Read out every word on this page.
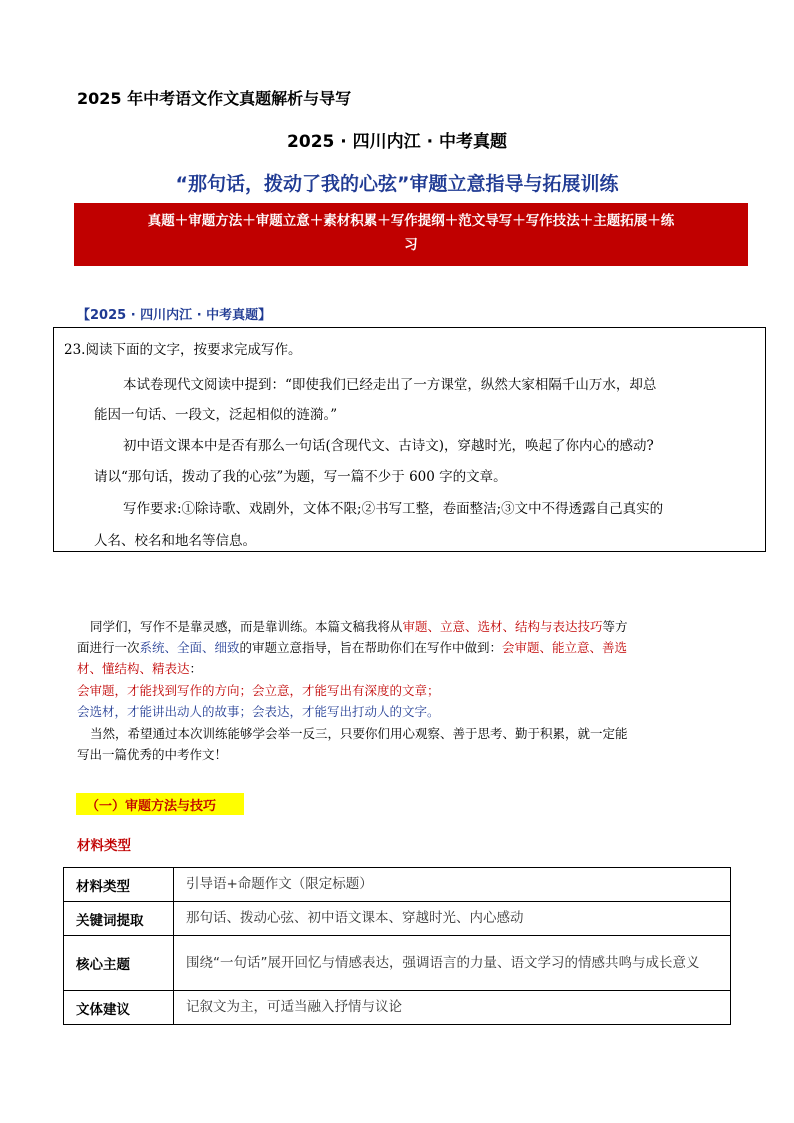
2025 年中考语文作文真题解析与导写
2025 · 四川内江 · 中考真题
“那句话，拨动了我的心弦”审题立意指导与拓展训练
真题＋审题方法＋审题立意＋素材积累＋写作提纲＋范文导写＋写作技法＋主题拓展＋练
习
【2025 · 四川内江 · 中考真题】
23.阅读下面的文字，按要求完成写作。
本试卷现代文阅读中提到：“即使我们已经走出了一方课堂，纵然大家相隔千山万水，却总
能因一句话、一段文，泛起相似的涟漪。”
初中语文课本中是否有那么一句话(含现代文、古诗文)，穿越时光，唤起了你内心的感动?
请以“那句话，拨动了我的心弦”为题，写一篇不少于 600 字的文章。
写作要求:①除诗歌、戏剧外，文体不限;②书写工整，卷面整洁;③文中不得透露自己真实的
人名、校名和地名等信息。
同学们，写作不是靠灵感，而是靠训练。本篇文稿我将从审题、立意、选材、结构与表达技巧等方
面进行一次系统、全面、细致的审题立意指导，旨在帮助你们在写作中做到：会审题、能立意、善选
材、懂结构、精表达：
会审题，才能找到写作的方向；会立意，才能写出有深度的文章；
会选材，才能讲出动人的故事；会表达，才能写出打动人的文字。
当然，希望通过本次训练能够学会举一反三，只要你们用心观察、善于思考、勤于积累，就一定能
写出一篇优秀的中考作文！
（一）审题方法与技巧
材料类型
材料类型	引导语+命题作文（限定标题）
关键词提取	那句话、拨动心弦、初中语文课本、穿越时光、内心感动
核心主题	围绕“一句话”展开回忆与情感表达，强调语言的力量、语文学习的情感共鸣与成长意义
文体建议	记叙文为主，可适当融入抒情与议论
